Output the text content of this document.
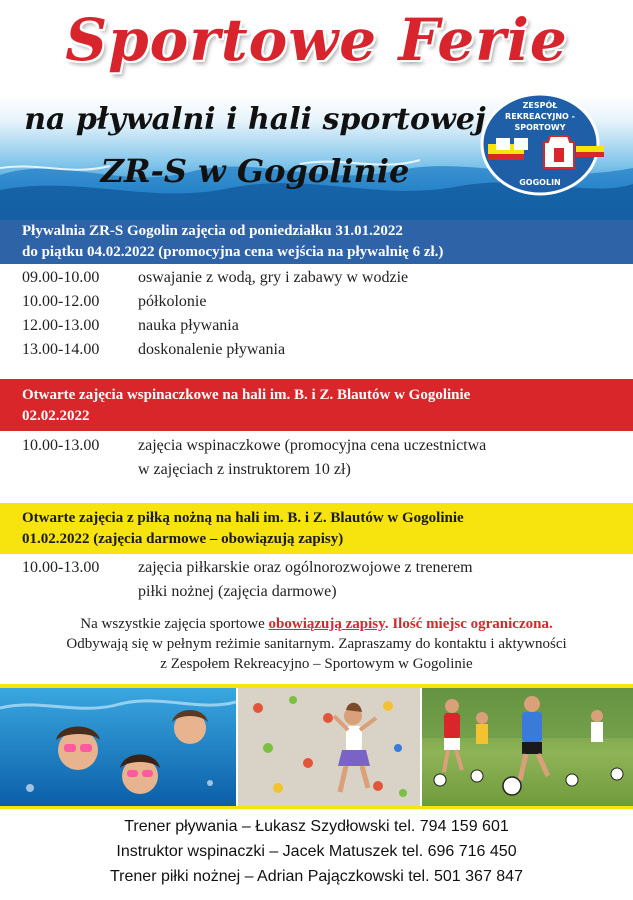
Sportowe Ferie
na pływalni i hali sportowej
ZR-S w Gogolinie
ZESPÓŁ
REKREACYJNO -
SPORTOWY
GOGOLIN
Pływalnia ZR-S Gogolin zajęcia od poniedziałku 31.01.2022
do piątku 04.02.2022 (promocyjna cena wejścia na pływalnię 6 zł.)
09.00-10.00	oswajanie z wodą, gry i zabawy w wodzie
10.00-12.00	półkolonie
12.00-13.00	nauka pływania
13.00-14.00	doskonalenie pływania
Otwarte zajęcia wspinaczkowe na hali im. B. i Z. Blautów w Gogolinie
02.02.2022
10.00-13.00	zajęcia wspinaczkowe (promocyjna cena uczestnictwa
w zajęciach z instruktorem 10 zł)
Otwarte zajęcia z piłką nożną na hali im. B. i Z. Blautów w Gogolinie
01.02.2022 (zajęcia darmowe – obowiązują zapisy)
10.00-13.00	zajęcia piłkarskie oraz ogólnorozwojowe z trenerem
piłki nożnej (zajęcia darmowe)
Na wszystkie zajęcia sportowe obowiązują zapisy. Ilość miejsc ograniczona.
Odbywają się w pełnym reżimie sanitarnym. Zapraszamy do kontaktu i aktywności
z Zespołem Rekreacyjno – Sportowym w Gogolinie
Trener pływania – Łukasz Szydłowski tel. 794 159 601
Instruktor wspinaczki – Jacek Matuszek tel. 696 716 450
Trener piłki nożnej – Adrian Pajączkowski tel. 501 367 847
